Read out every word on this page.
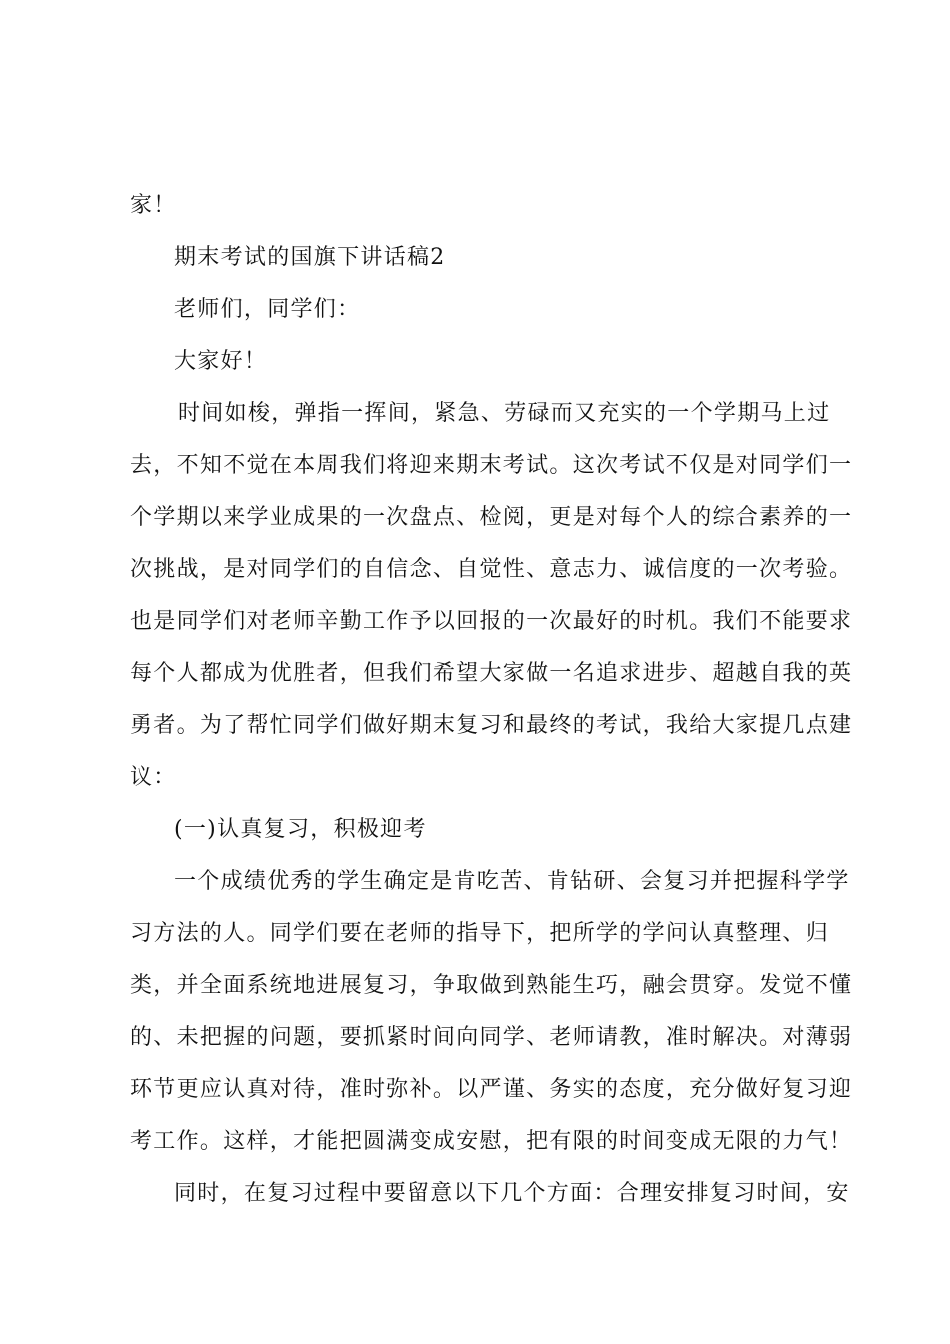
家！
期末考试的国旗下讲话稿2
老师们，同学们：
大家好！
时间如梭，弹指一挥间，紧急、劳碌而又充实的一个学期马上过
去，不知不觉在本周我们将迎来期末考试。这次考试不仅是对同学们一
个学期以来学业成果的一次盘点、检阅，更是对每个人的综合素养的一
次挑战，是对同学们的自信念、自觉性、意志力、诚信度的一次考验。
也是同学们对老师辛勤工作予以回报的一次最好的时机。我们不能要求
每个人都成为优胜者，但我们希望大家做一名追求进步、超越自我的英
勇者。为了帮忙同学们做好期末复习和最终的考试，我给大家提几点建
议：
(一)认真复习，积极迎考
一个成绩优秀的学生确定是肯吃苦、肯钻研、会复习并把握科学学
习方法的人。同学们要在老师的指导下，把所学的学问认真整理、归
类，并全面系统地进展复习，争取做到熟能生巧，融会贯穿。发觉不懂
的、未把握的问题，要抓紧时间向同学、老师请教，准时解决。对薄弱
环节更应认真对待，准时弥补。以严谨、务实的态度，充分做好复习迎
考工作。这样，才能把圆满变成安慰，把有限的时间变成无限的力气！
同时，在复习过程中要留意以下几个方面：合理安排复习时间，安
